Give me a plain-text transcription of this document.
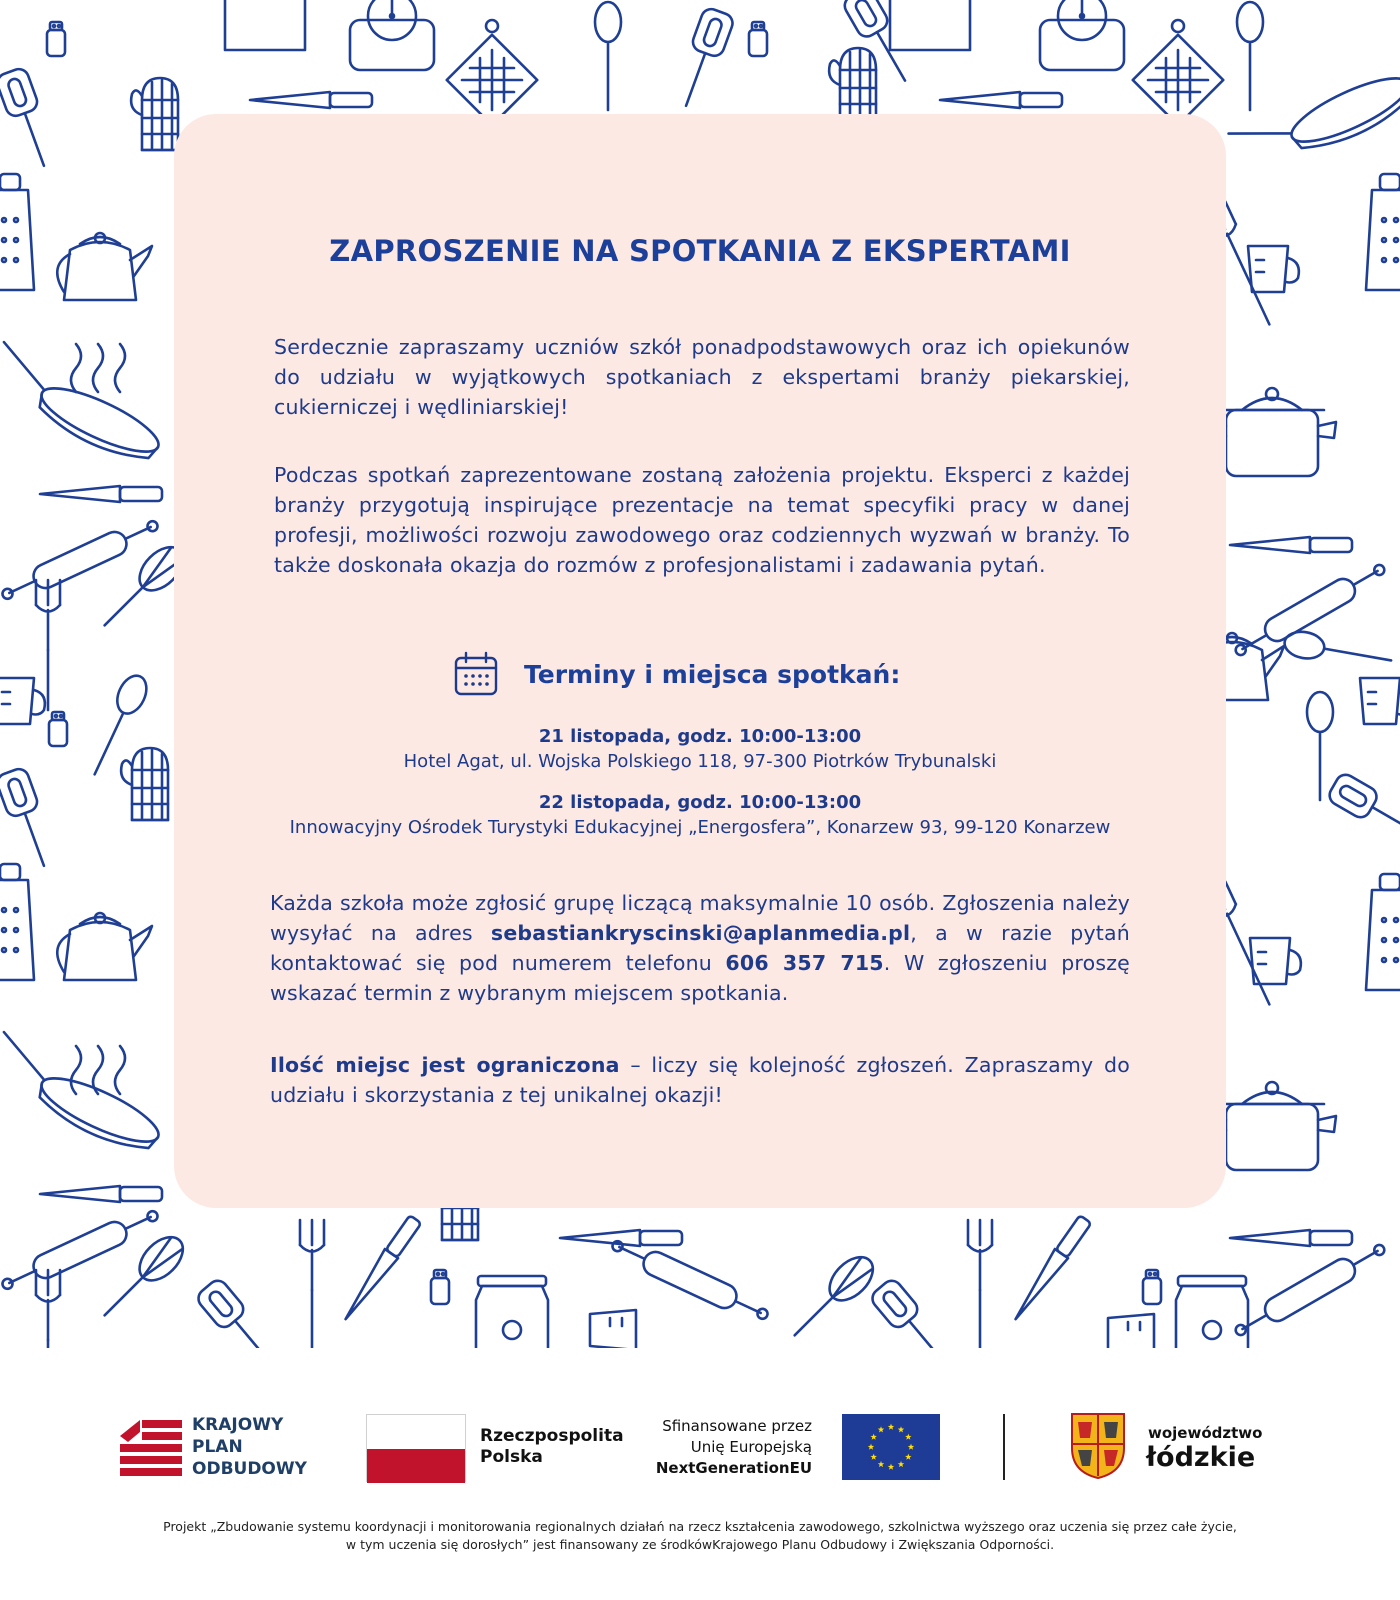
ZAPROSZENIE NA SPOTKANIA Z EKSPERTAMI

Serdecznie zapraszamy uczniów szkół ponadpodstawowych oraz ich opiekunów do udziału w wyjątkowych spotkaniach z ekspertami branży piekarskiej, cukierniczej i wędliniarskiej!

Podczas spotkań zaprezentowane zostaną założenia projektu. Eksperci z każdej branży przygotują inspirujące prezentacje na temat specyfiki pracy w danej profesji, możliwości rozwoju zawodowego oraz codziennych wyzwań w branży. To także doskonała okazja do rozmów z profesjonalistami i zadawania pytań.

Terminy i miejsca spotkań:
21 listopada, godz. 10:00-13:00
Hotel Agat, ul. Wojska Polskiego 118, 97-300 Piotrków Trybunalski
22 listopada, godz. 10:00-13:00
Innowacyjny Ośrodek Turystyki Edukacyjnej „Energosfera”, Konarzew 93, 99-120 Konarzew

Każda szkoła może zgłosić grupę liczącą maksymalnie 10 osób. Zgłoszenia należy wysyłać na adres sebastiankryscinski@aplanmedia.pl, a w razie pytań kontaktować się pod numerem telefonu 606 357 715. W zgłoszeniu proszę wskazać termin z wybranym miejscem spotkania.

Ilość miejsc jest ograniczona – liczy się kolejność zgłoszeń. Zapraszamy do udziału i skorzystania z tej unikalnej okazji!

KRAJOWY
PLAN
ODBUDOWY
Rzeczpospolita
Polska
Sfinansowane przez
Unię Europejską
NextGenerationEU
województwo
łódzkie
Projekt „Zbudowanie systemu koordynacji i monitorowania regionalnych działań na rzecz kształcenia zawodowego, szkolnictwa wyższego oraz uczenia się przez całe życie,
w tym uczenia się dorosłych” jest finansowany ze środkówKrajowego Planu Odbudowy i Zwiększania Odporności.
